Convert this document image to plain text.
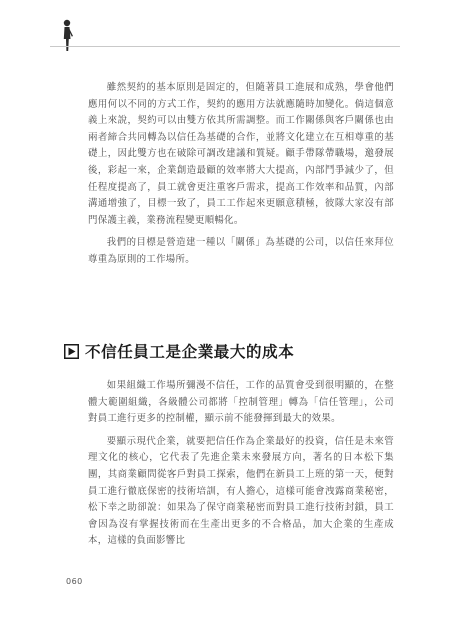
雖然契約的基本原則是固定的，但隨著員工進展和成熟，學會他們應用何以不同的方式工作，契約的應用方法就應隨時加變化。倘這個意義上來說，契約可以由雙方依其所需調整。而工作關係與客戶關係也由兩者締合共同轉為以信任為基礎的合作，並將文化建立在互相尊重的基礎上，因此雙方也在破除可調改建議和質疑。顧手帶隊帶職場，邀發展後，彩起一來，企業創造最顧的效率將大大提高，內部鬥爭減少了，但任程度提高了，員工就會更注重客戶需求，提高工作效率和品質，內部溝通增強了，目標一致了，員工工作起來更願意積極，彼隊大家沒有部門保護主義，業務流程變更順暢化。

我們的目標是營造建一種以「關係」為基礎的公司，以信任來拜位尊重為原則的工作場所。

不信任員工是企業最大的成本

如果組織工作場所彌漫不信任，工作的品質會受到很明顯的，在整體大範圍組織，各級體公司都將「控制管理」轉為「信任管理」，公司對員工進行更多的控制權，顯示前不能發揮到最大的效果。

要顯示現代企業，就要把信任作為企業最好的投資，信任是未來管理文化的核心，它代表了先進企業未來發展方向，著名的日本松下集團，其商業顧問從客戶對員工探索，他們在新員工上班的第一天，便對員工進行徹底保密的技術培訓，有人擔心，這樣可能會洩露商業秘密，松下幸之助卻說：如果為了保守商業秘密而對員工進行技術封鎖，員工會因為沒有掌握技術而在生產出更多的不合格品，加大企業的生產成本，這樣的負面影響比

060
